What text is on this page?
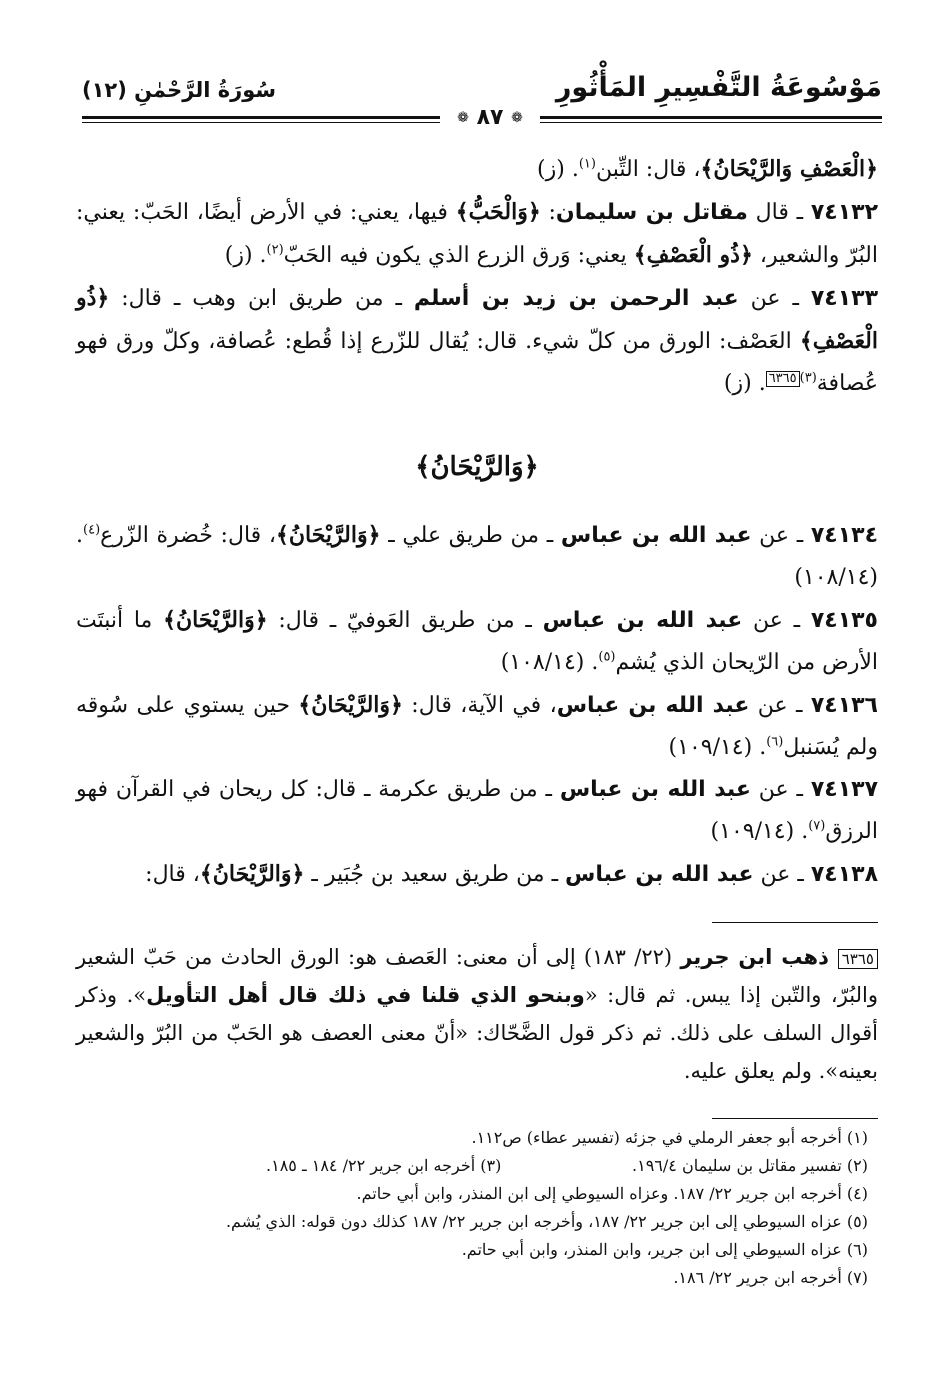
مَوْسُوعَةُ التَّفْسِيرِ المَأْثُورِ
سُورَةُ الرَّحْمٰنِ (١٢)
❁ ٨٧ ❁

﴿الْعَصْفِ وَالرَّيْحَانُ﴾، قال: التِّبن$^{(١)}$. (ز)

٧٤١٣٢ ـ قال مقاتل بن سليمان: ﴿وَالْحَبُّ﴾ فيها، يعني: في الأرض أيضًا، الحَبّ: يعني: البُرّ والشعير، ﴿ذُو الْعَصْفِ﴾ يعني: وَرق الزرع الذي يكون فيه الحَبّ$^{(٢)}$. (ز)

٧٤١٣٣ ـ عن عبد الرحمن بن زيد بن أسلم ـ من طريق ابن وهب ـ قال: ﴿ذُو الْعَصْفِ﴾ العَصْف: الورق من كلّ شيء. قال: يُقال للزّرع إذا قُطع: عُصافة، وكلّ ورق فهو عُصافة$^{(٣)}$٦٣٦٥. (ز)

﴿وَالرَّيْحَانُ﴾

٧٤١٣٤ ـ عن عبد الله بن عباس ـ من طريق علي ـ ﴿وَالرَّيْحَانُ﴾، قال: خُضرة الزّرع$^{(٤)}$. (١٠٨/١٤)

٧٤١٣٥ ـ عن عبد الله بن عباس ـ من طريق العَوفيّ ـ قال: ﴿وَالرَّيْحَانُ﴾ ما أنبتَت الأرض من الرّيحان الذي يُشم$^{(٥)}$. (١٠٨/١٤)

٧٤١٣٦ ـ عن عبد الله بن عباس، في الآية، قال: ﴿وَالرَّيْحَانُ﴾ حين يستوي على سُوقه ولم يُسَنبل$^{(٦)}$. (١٠٩/١٤)

٧٤١٣٧ ـ عن عبد الله بن عباس ـ من طريق عكرمة ـ قال: كل ريحان في القرآن فهو الرزق$^{(٧)}$. (١٠٩/١٤)

٧٤١٣٨ ـ عن عبد الله بن عباس ـ من طريق سعيد بن جُبَير ـ ﴿وَالرَّيْحَانُ﴾، قال:

٦٣٦٥ ذهب ابن جرير (٢٢/ ١٨٣) إلى أن معنى: العَصف هو: الورق الحادث من حَبّ الشعير والبُرّ، والتّبن إذا يبس. ثم قال: «وبنحو الذي قلنا في ذلك قال أهل التأويل». وذكر أقوال السلف على ذلك. ثم ذكر قول الضَّحّاك: «أنّ معنى العصف هو الحَبّ من البُرّ والشعير بعينه». ولم يعلق عليه.
(١) أخرجه أبو جعفر الرملي في جزئه (تفسير عطاء) ص١١٢.
(٢) تفسير مقاتل بن سليمان ١٩٦/٤.
(٣) أخرجه ابن جرير ٢٢/ ١٨٤ ـ ١٨٥.
(٤) أخرجه ابن جرير ٢٢/ ١٨٧. وعزاه السيوطي إلى ابن المنذر، وابن أبي حاتم.
(٥) عزاه السيوطي إلى ابن جرير ٢٢/ ١٨٧، وأخرجه ابن جرير ٢٢/ ١٨٧ كذلك دون قوله: الذي يُشم.
(٦) عزاه السيوطي إلى ابن جرير، وابن المنذر، وابن أبي حاتم.
(٧) أخرجه ابن جرير ٢٢/ ١٨٦.
